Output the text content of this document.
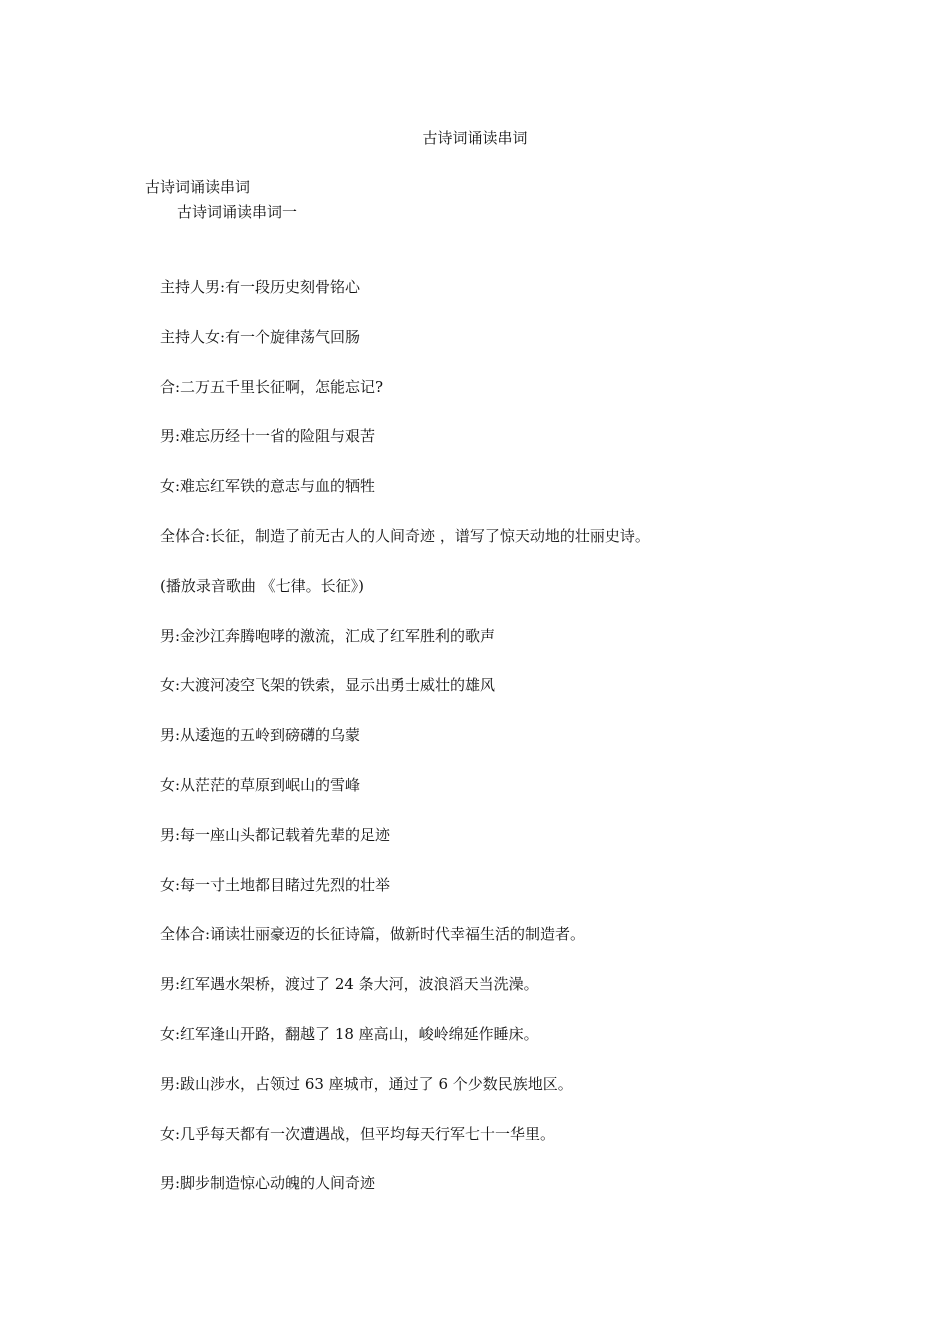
古诗词诵读串词
古诗词诵读串词
古诗词诵读串词一
主持人男:有一段历史刻骨铭心
主持人女:有一个旋律荡气回肠
合:二万五千里长征啊，怎能忘记?
男:难忘历经十一省的险阻与艰苦
女:难忘红军铁的意志与血的牺牲
全体合:长征，制造了前无古人的人间奇迹 ，谱写了惊天动地的壮丽史诗。
(播放录音歌曲 《七律。长征》)
男:金沙江奔腾咆哮的激流，汇成了红军胜利的歌声
女:大渡河凌空飞架的铁索，显示出勇士威壮的雄风
男:从逶迤的五岭到磅礴的乌蒙
女:从茫茫的草原到岷山的雪峰
男:每一座山头都记载着先辈的足迹
女:每一寸土地都目睹过先烈的壮举
全体合:诵读壮丽豪迈的长征诗篇，做新时代幸福生活的制造者。
男:红军遇水架桥，渡过了 24 条大河，波浪滔天当洗澡。
女:红军逢山开路，翻越了 18 座高山，峻岭绵延作睡床。
男:跋山涉水，占领过 63 座城市，通过了 6 个少数民族地区。
女:几乎每天都有一次遭遇战，但平均每天行军七十一华里。
男:脚步制造惊心动魄的人间奇迹
